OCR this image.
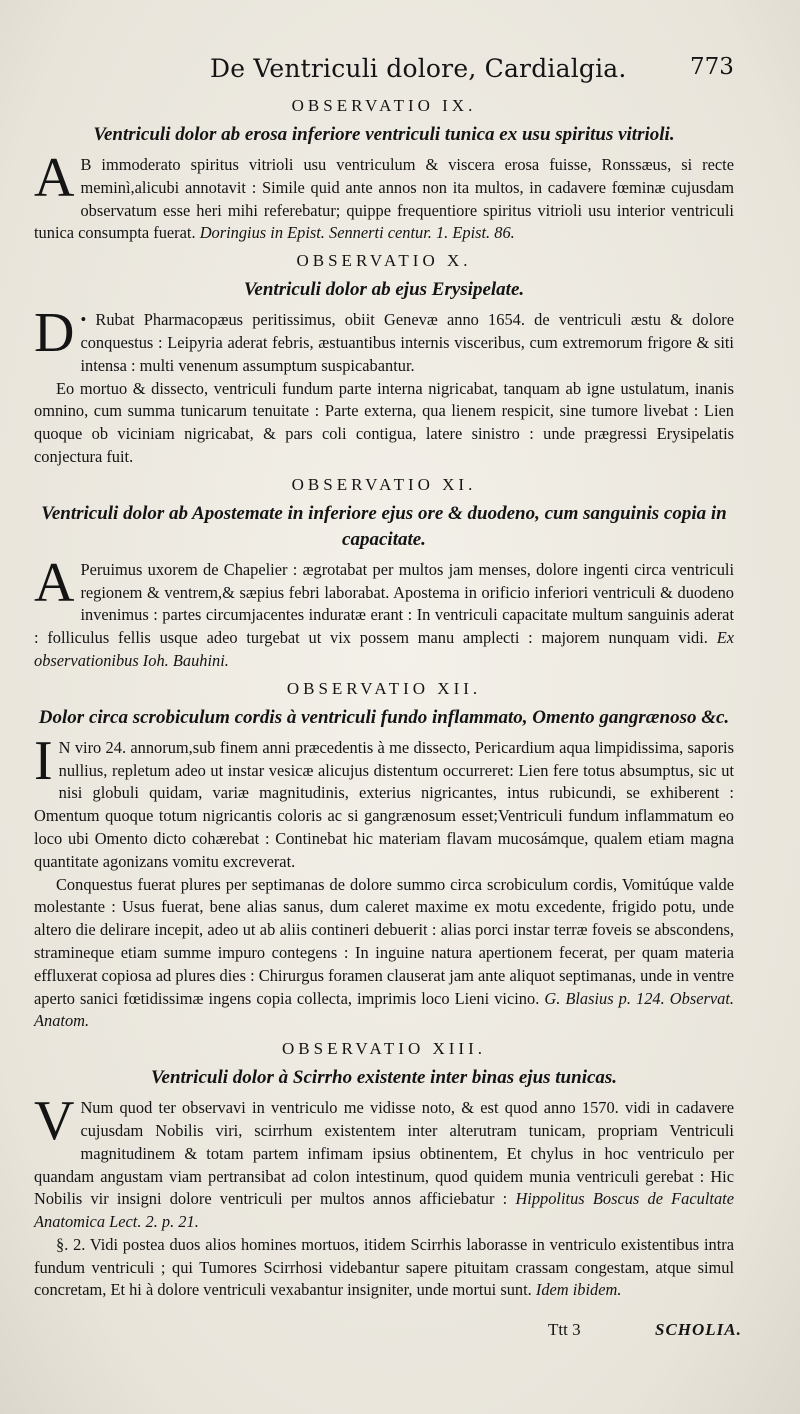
De Ventriculi dolore, Cardialgia.	773
OBSERVATIO IX.
Ventriculi dolor ab erosa inferiore ventriculi tunica ex usu spiritus vitrioli.

A B immoderato spiritus vitrioli usu ventriculum & viscera erosa fuisse, Ronssæus, si recte meminì,alicubi annotavit : Simile quid ante annos non ita multos, in cadavere fœminæ cujusdam observatum esse heri mihi referebatur; quippe frequentiore spiritus vitrioli usu interior ventriculi tunica consumpta fuerat. Doringius in Epist. Sennerti centur. 1. Epist. 86.

OBSERVATIO X.
Ventriculi dolor ab ejus Erysipelate.

D • Rubat Pharmacopæus peritissimus, obiit Genevæ anno 1654. de ventriculi æstu & dolore conquestus : Leipyria aderat febris, æstuantibus internis visceribus, cum extremorum frigore & siti intensa : multi venenum assumptum suspicabantur.

Eo mortuo & dissecto, ventriculi fundum parte interna nigricabat, tanquam ab igne ustulatum, inanis omnino, cum summa tunicarum tenuitate : Parte externa, qua lienem respicit, sine tumore livebat : Lien quoque ob viciniam nigricabat, & pars coli contigua, latere sinistro : unde prægressi Erysipelatis conjectura fuit.

OBSERVATIO XI.
Ventriculi dolor ab Apostemate in inferiore ejus ore & duodeno, cum sanguinis copia in capacitate.

A Peruimus uxorem de Chapelier : ægrotabat per multos jam menses, dolore ingenti circa ventriculi regionem & ventrem,& sæpius febri laborabat. Apostema in orificio inferiori ventriculi & duodeno invenimus : partes circumjacentes induratæ erant : In ventriculi capacitate multum sanguinis aderat : folliculus fellis usque adeo turgebat ut vix possem manu amplecti : majorem nunquam vidi. Ex observationibus Ioh. Bauhini.

OBSERVATIO XII.
Dolor circa scrobiculum cordis à ventriculi fundo inflammato, Omento gangrænoso &c.

I N viro 24. annorum,sub finem anni præcedentis à me dissecto, Pericardium aqua limpidissima, saporis nullius, repletum adeo ut instar vesicæ alicujus distentum occurreret: Lien fere totus absumptus, sic ut nisi globuli quidam, variæ magnitudinis, exterius nigricantes, intus rubicundi, se exhiberent : Omentum quoque totum nigricantis coloris ac si gangrænosum esset;Ventriculi fundum inflammatum eo loco ubi Omento dicto cohærebat : Continebat hic materiam flavam mucosámque, qualem etiam magna quantitate agonizans vomitu excreverat.

Conquestus fuerat plures per septimanas de dolore summo circa scrobiculum cordis, Vomitúque valde molestante : Usus fuerat, bene alias sanus, dum caleret maxime ex motu excedente, frigido potu, unde altero die delirare incepit, adeo ut ab aliis contineri debuerit : alias porci instar terræ foveis se abscondens, stramineque etiam summe impuro contegens : In inguine natura apertionem fecerat, per quam materia effluxerat copiosa ad plures dies : Chirurgus foramen clauserat jam ante aliquot septimanas, unde in ventre aperto sanici fœtidissimæ ingens copia collecta, imprimis loco Lieni vicino. G. Blasius p. 124. Observat. Anatom.

OBSERVATIO XIII.
Ventriculi dolor à Scirrho existente inter binas ejus tunicas.

V Num quod ter observavi in ventriculo me vidisse noto, & est quod anno 1570. vidi in cadavere cujusdam Nobilis viri, scirrhum existentem inter alterutram tunicam, propriam Ventriculi magnitudinem & totam partem infimam ipsius obtinentem, Et chylus in hoc ventriculo per quandam angustam viam pertransibat ad colon intestinum, quod quidem munia ventriculi gerebat : Hic Nobilis vir insigni dolore ventriculi per multos annos afficiebatur : Hippolitus Boscus de Facultate Anatomica Lect. 2. p. 21.

§. 2. Vidi postea duos alios homines mortuos, itidem Scirrhis laborasse in ventriculo existentibus intra fundum ventriculi ; qui Tumores Scirrhosi videbantur sapere pituitam crassam congestam, atque simul concretam, Et hi à dolore ventriculi vexabantur insigniter, unde mortui sunt. Idem ibidem.

Ttt 3	SCHOLIA.
